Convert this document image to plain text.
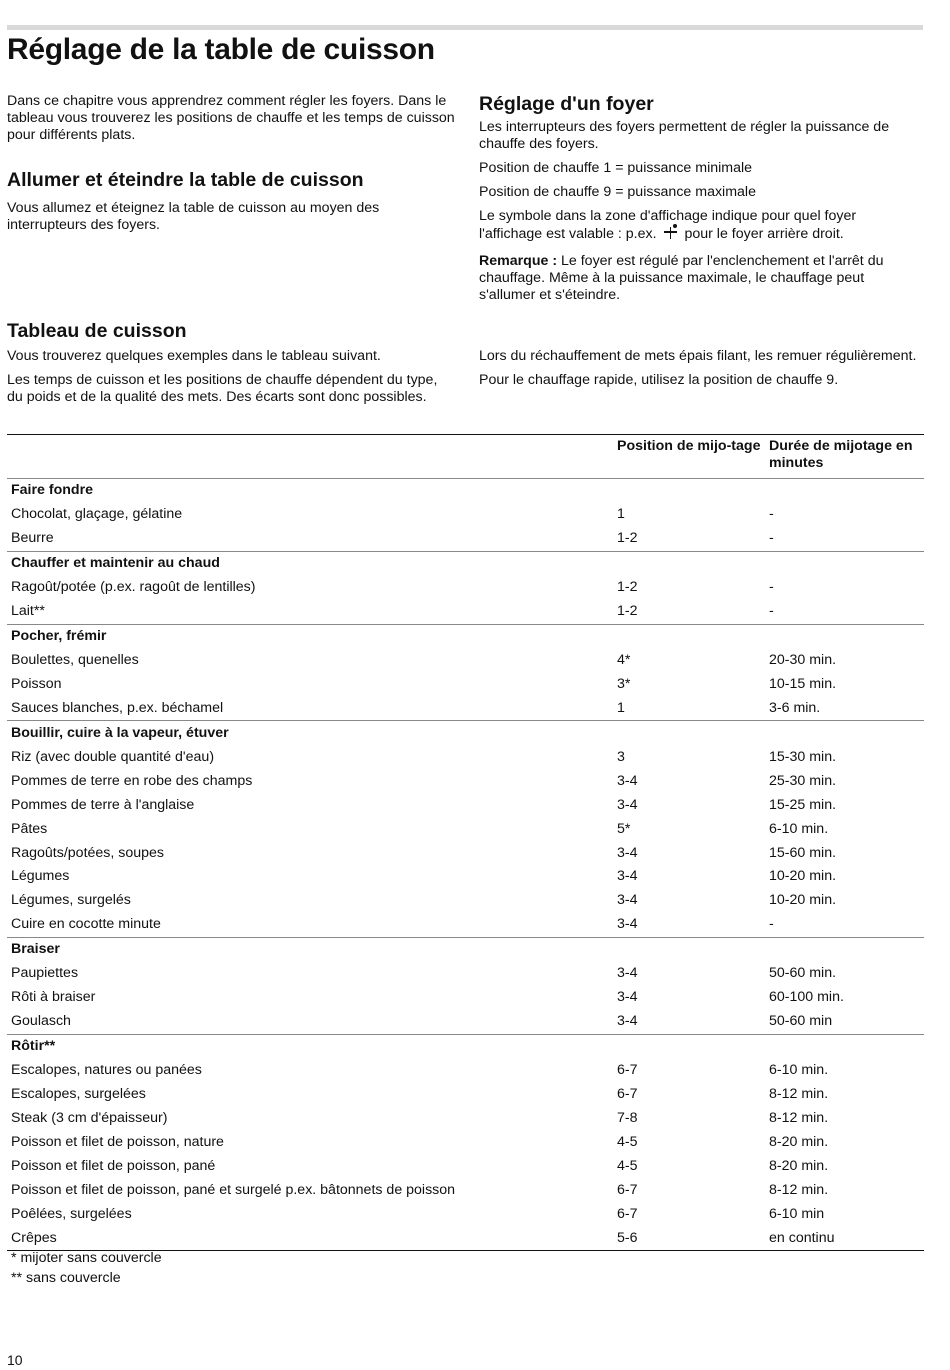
Réglage de la table de cuisson

Dans ce chapitre vous apprendrez comment régler les foyers. Dans le tableau vous trouverez les positions de chauffe et les temps de cuisson pour différents plats.

Allumer et éteindre la table de cuisson

Vous allumez et éteignez la table de cuisson au moyen des interrupteurs des foyers.

Tableau de cuisson

Vous trouverez quelques exemples dans le tableau suivant.

Les temps de cuisson et les positions de chauffe dépendent du type, du poids et de la qualité des mets. Des écarts sont donc possibles.

Réglage d'un foyer

Les interrupteurs des foyers permettent de régler la puissance de chauffe des foyers.

Position de chauffe 1 = puissance minimale

Position de chauffe 9 = puissance maximale

Le symbole dans la zone d'affichage indique pour quel foyer l'affichage est valable : p.ex. pour le foyer arrière droit.

Remarque : Le foyer est régulé par l'enclenchement et l'arrêt du chauffage. Même à la puissance maximale, le chauffage peut s'allumer et s'éteindre.

Lors du réchauffement de mets épais filant, les remuer régulièrement.

Pour le chauffage rapide, utilisez la position de chauffe 9.

	Position de mijo-tage	Durée de mijotage en minutes
Faire fondre		
Chocolat, glaçage, gélatine	1	-
Beurre	1-2	-
Chauffer et maintenir au chaud		
Ragoût/potée (p.ex. ragoût de lentilles)	1-2	-
Lait**	1-2	-
Pocher, frémir		
Boulettes, quenelles	4*	20-30 min.
Poisson	3*	10-15 min.
Sauces blanches, p.ex. béchamel	1	3-6 min.
Bouillir, cuire à la vapeur, étuver		
Riz (avec double quantité d'eau)	3	15-30 min.
Pommes de terre en robe des champs	3-4	25-30 min.
Pommes de terre à l'anglaise	3-4	15-25 min.
Pâtes	5*	6-10 min.
Ragoûts/potées, soupes	3-4	15-60 min.
Légumes	3-4	10-20 min.
Légumes, surgelés	3-4	10-20 min.
Cuire en cocotte minute	3-4	-
Braiser		
Paupiettes	3-4	50-60 min.
Rôti à braiser	3-4	60-100 min.
Goulasch	3-4	50-60 min
Rôtir**		
Escalopes, natures ou panées	6-7	6-10 min.
Escalopes, surgelées	6-7	8-12 min.
Steak (3 cm d'épaisseur)	7-8	8-12 min.
Poisson et filet de poisson, nature	4-5	8-20 min.
Poisson et filet de poisson, pané	4-5	8-20 min.
Poisson et filet de poisson, pané et surgelé p.ex. bâtonnets de poisson	6-7	8-12 min.
Poêlées, surgelées	6-7	6-10 min
Crêpes	5-6	en continu
* mijoter sans couvercle
** sans couvercle
10
